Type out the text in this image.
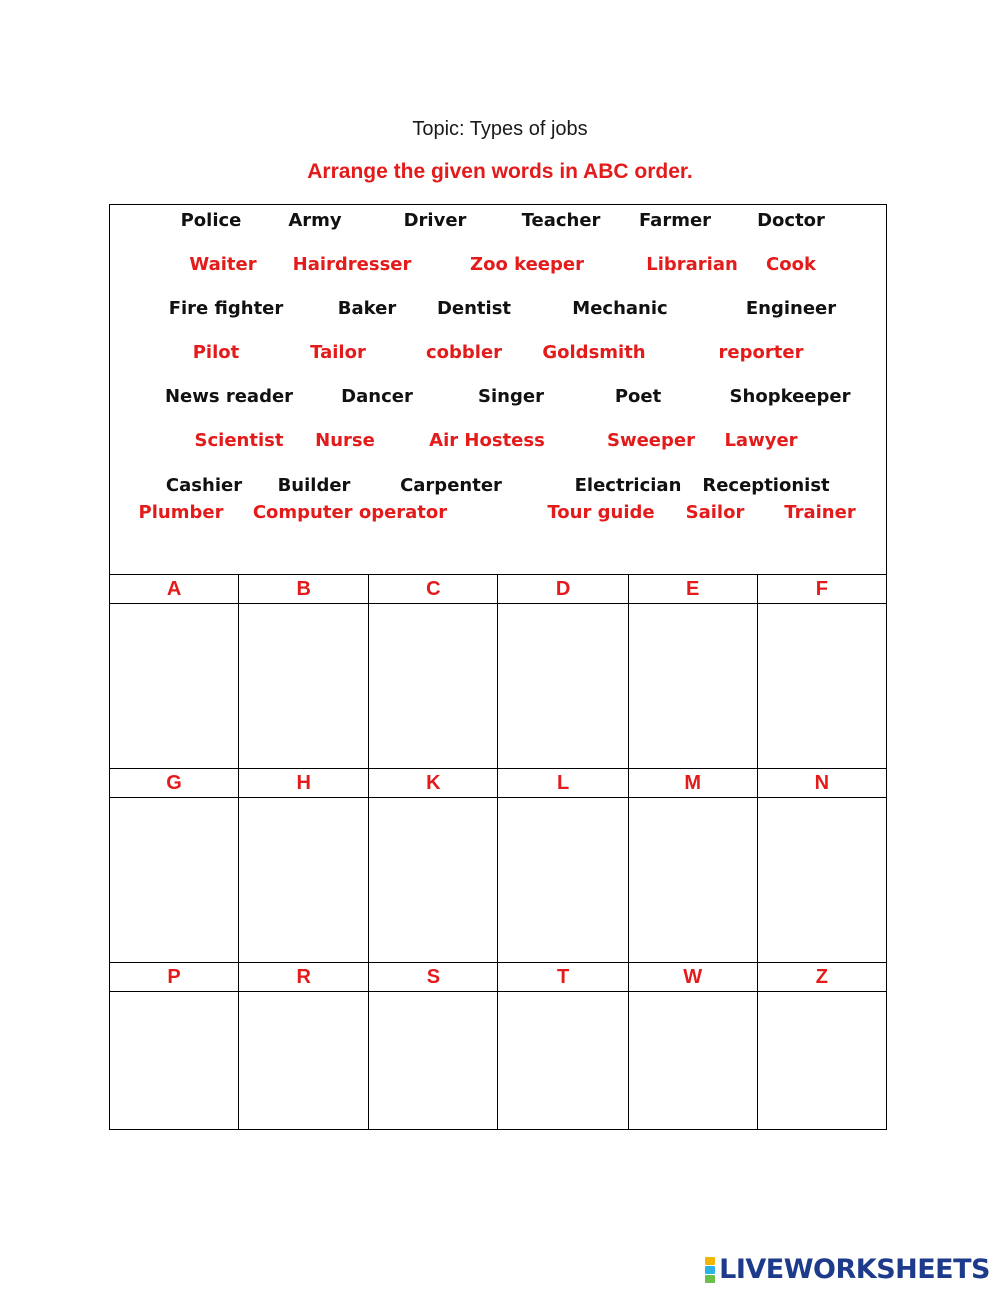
Topic: Types of jobs
Arrange the given words in ABC order.
Police	Army	Driver	Teacher Farmer	Doctor
Waiter Hairdresser	Zoo keeper	Librarian Cook
Fire fighter	Baker Dentist	Mechanic	Engineer
Pilot	Tailor	cobbler Goldsmith	reporter
News reader	Dancer	Singer	Poet	Shopkeeper
Scientist Nurse	Air Hostess	Sweeper Lawyer
Cashier Builder	Carpenter	Electrician Receptionist
Plumber Computer operator	Tour guide Sailor Trainer
A	B	C	D	E	F

G	H	K	L	M	N

P	R	S	T	W	Z

LIVEWORKSHEETS
